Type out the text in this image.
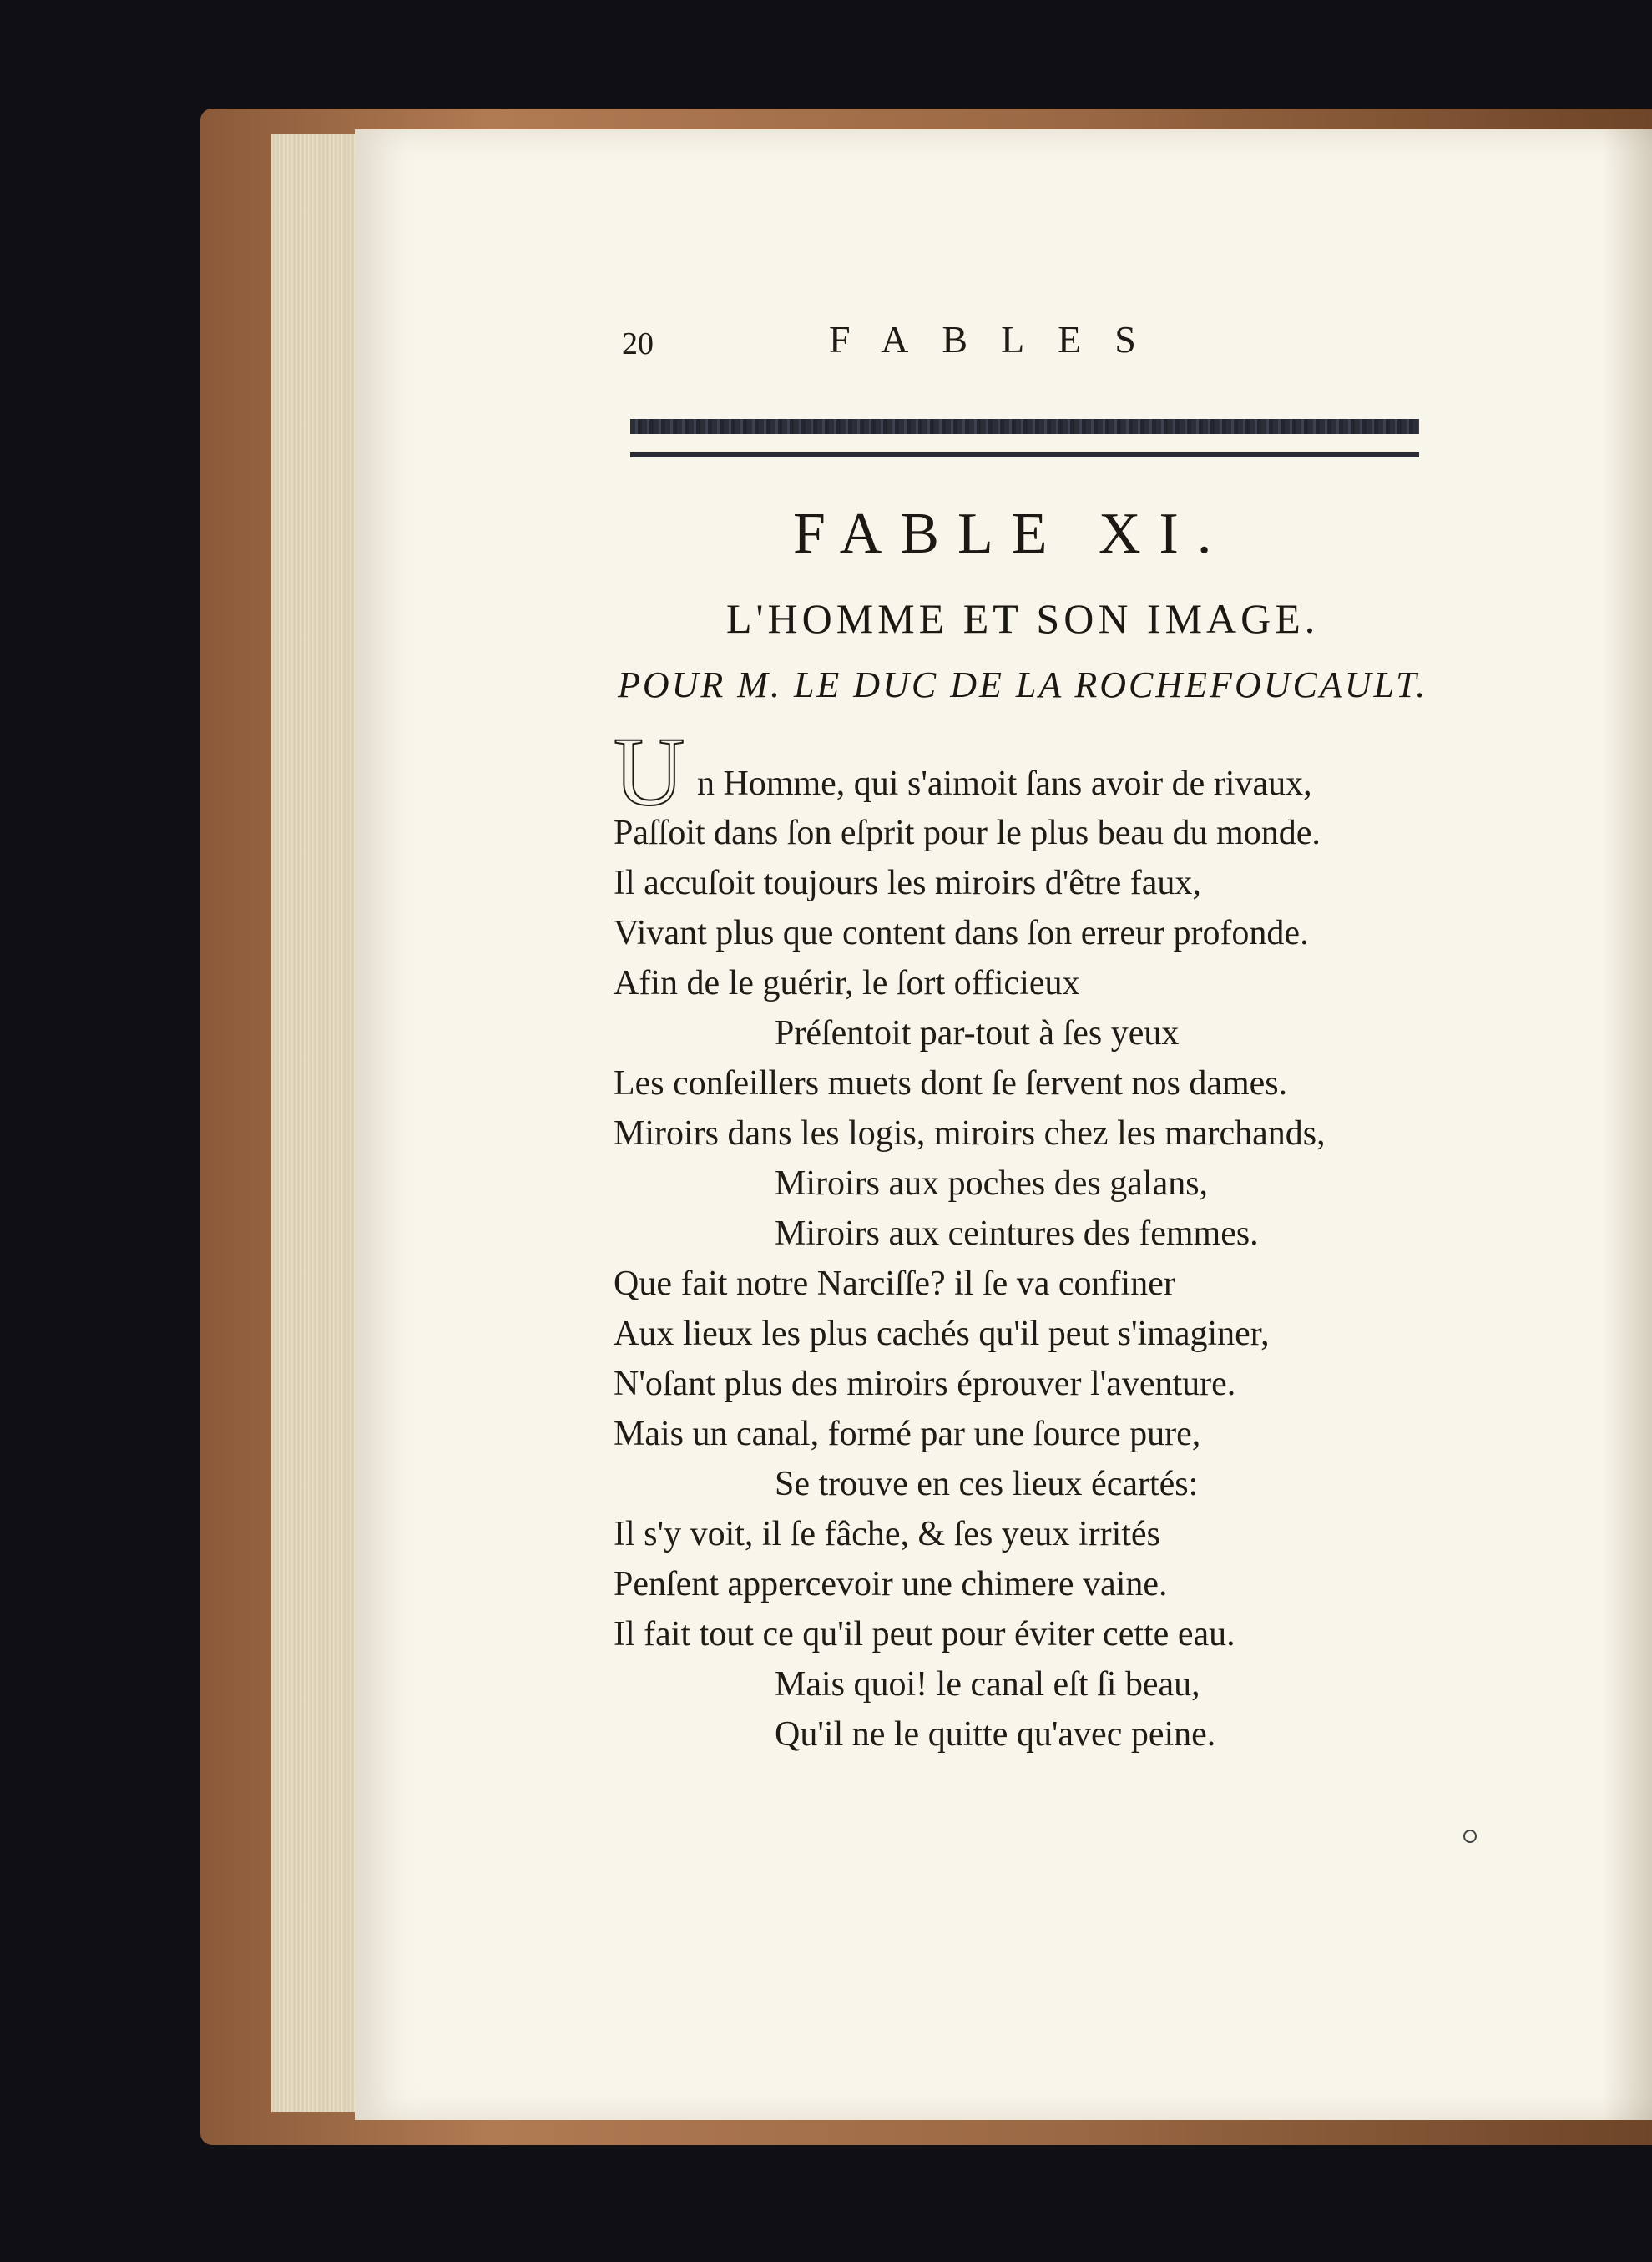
20	FABLES
FABLE XI.
L'HOMME ET SON IMAGE.
POUR M. LE DUC DE LA ROCHEFOUCAULT.
U n Homme, qui s'aimoit ſans avoir de rivaux,
Paſſoit dans ſon eſprit pour le plus beau du monde.
Il accuſoit toujours les miroirs d'être faux,
Vivant plus que content dans ſon erreur profonde.
Afin de le guérir, le ſort officieux
Préſentoit par-tout à ſes yeux
Les conſeillers muets dont ſe ſervent nos dames.
Miroirs dans les logis, miroirs chez les marchands,
Miroirs aux poches des galans,
Miroirs aux ceintures des femmes.
Que fait notre Narciſſe? il ſe va confiner
Aux lieux les plus cachés qu'il peut s'imaginer,
N'oſant plus des miroirs éprouver l'aventure.
Mais un canal, formé par une ſource pure,
Se trouve en ces lieux écartés:
Il s'y voit, il ſe fâche, & ſes yeux irrités
Penſent appercevoir une chimere vaine.
Il fait tout ce qu'il peut pour éviter cette eau.
Mais quoi! le canal eſt ſi beau,
Qu'il ne le quitte qu'avec peine.
